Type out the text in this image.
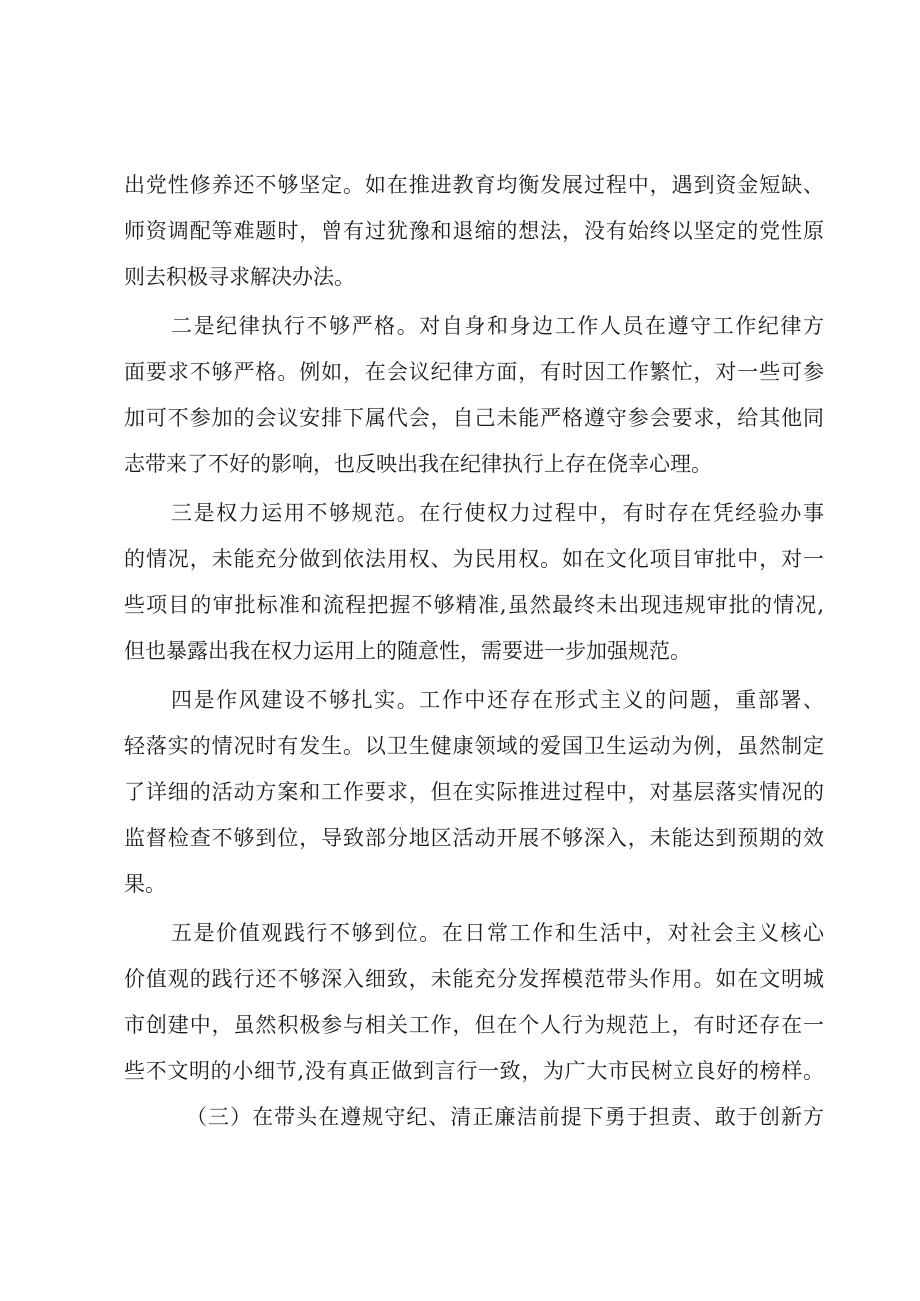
出党性修养还不够坚定。如在推进教育均衡发展过程中，遇到资金短缺、
师资调配等难题时，曾有过犹豫和退缩的想法，没有始终以坚定的党性原
则去积极寻求解决办法。
二是纪律执行不够严格。对自身和身边工作人员在遵守工作纪律方
面要求不够严格。例如，在会议纪律方面，有时因工作繁忙，对一些可参
加可不参加的会议安排下属代会，自己未能严格遵守参会要求，给其他同
志带来了不好的影响，也反映出我在纪律执行上存在侥幸心理。
三是权力运用不够规范。在行使权力过程中，有时存在凭经验办事
的情况，未能充分做到依法用权、为民用权。如在文化项目审批中，对一
些项目的审批标准和流程把握不够精准,虽然最终未出现违规审批的情况,
但也暴露出我在权力运用上的随意性，需要进一步加强规范。
四是作风建设不够扎实。工作中还存在形式主义的问题，重部署、
轻落实的情况时有发生。以卫生健康领域的爱国卫生运动为例，虽然制定
了详细的活动方案和工作要求，但在实际推进过程中，对基层落实情况的
监督检查不够到位，导致部分地区活动开展不够深入，未能达到预期的效
果。
五是价值观践行不够到位。在日常工作和生活中，对社会主义核心
价值观的践行还不够深入细致，未能充分发挥模范带头作用。如在文明城
市创建中，虽然积极参与相关工作，但在个人行为规范上，有时还存在一
些不文明的小细节,没有真正做到言行一致，为广大市民树立良好的榜样。
（三）在带头在遵规守纪、清正廉洁前提下勇于担责、敢于创新方
